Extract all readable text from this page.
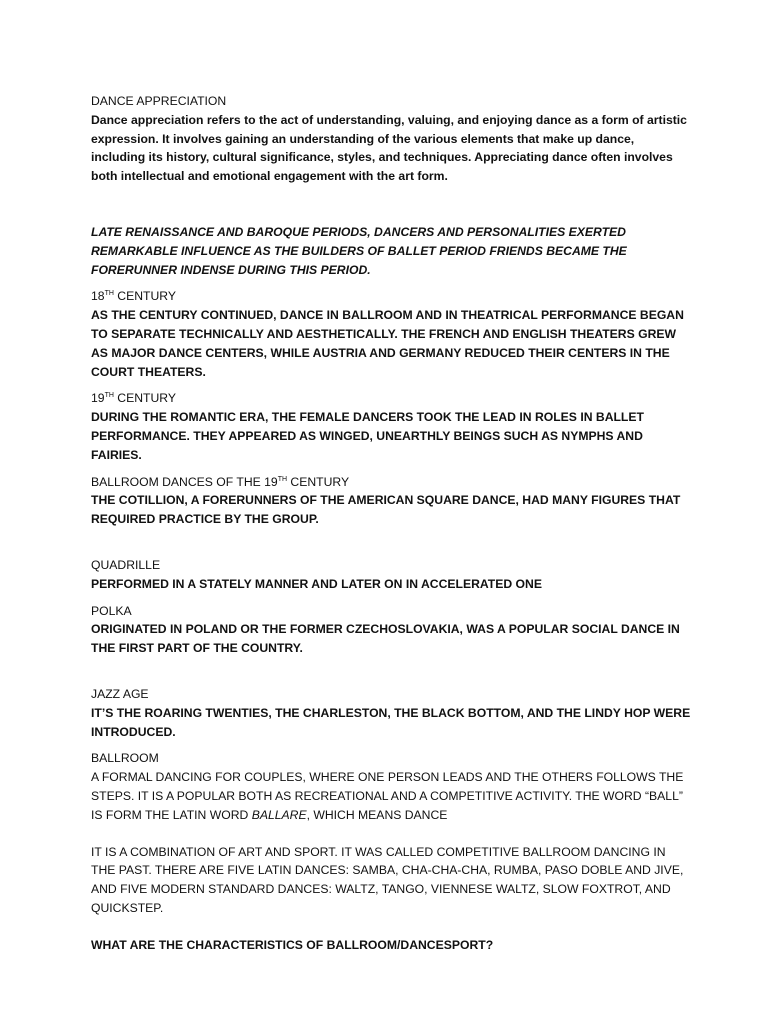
DANCE APPRECIATION

Dance appreciation refers to the act of understanding, valuing, and enjoying dance as a form of artistic expression. It involves gaining an understanding of the various elements that make up dance, including its history, cultural significance, styles, and techniques. Appreciating dance often involves both intellectual and emotional engagement with the art form.

LATE RENAISSANCE AND BAROQUE PERIODS, DANCERS AND PERSONALITIES EXERTED REMARKABLE INFLUENCE AS THE BUILDERS OF BALLET PERIOD FRIENDS BECAME THE FORERUNNER INDENSE DURING THIS PERIOD.

18TH CENTURY

AS THE CENTURY CONTINUED, DANCE IN BALLROOM AND IN THEATRICAL PERFORMANCE BEGAN TO SEPARATE TECHNICALLY AND AESTHETICALLY. THE FRENCH AND ENGLISH THEATERS GREW AS MAJOR DANCE CENTERS, WHILE AUSTRIA AND GERMANY REDUCED THEIR CENTERS IN THE COURT THEATERS.

19TH CENTURY

DURING THE ROMANTIC ERA, THE FEMALE DANCERS TOOK THE LEAD IN ROLES IN BALLET PERFORMANCE. THEY APPEARED AS WINGED, UNEARTHLY BEINGS SUCH AS NYMPHS AND FAIRIES.

BALLROOM DANCES OF THE 19TH CENTURY

THE COTILLION, A FORERUNNERS OF THE AMERICAN SQUARE DANCE, HAD MANY FIGURES THAT REQUIRED PRACTICE BY THE GROUP.

QUADRILLE

PERFORMED IN A STATELY MANNER AND LATER ON IN ACCELERATED ONE

POLKA

ORIGINATED IN POLAND OR THE FORMER CZECHOSLOVAKIA, WAS A POPULAR SOCIAL DANCE IN THE FIRST PART OF THE COUNTRY.

JAZZ AGE

IT’S THE ROARING TWENTIES, THE CHARLESTON, THE BLACK BOTTOM, AND THE LINDY HOP WERE INTRODUCED.

BALLROOM

A FORMAL DANCING FOR COUPLES, WHERE ONE PERSON LEADS AND THE OTHERS FOLLOWS THE STEPS. IT IS A POPULAR BOTH AS RECREATIONAL AND A COMPETITIVE ACTIVITY. THE WORD “BALL” IS FORM THE LATIN WORD BALLARE, WHICH MEANS DANCE

IT IS A COMBINATION OF ART AND SPORT. IT WAS CALLED COMPETITIVE BALLROOM DANCING IN THE PAST. THERE ARE FIVE LATIN DANCES: SAMBA, CHA-CHA-CHA, RUMBA, PASO DOBLE AND JIVE, AND FIVE MODERN STANDARD DANCES: WALTZ, TANGO, VIENNESE WALTZ, SLOW FOXTROT, AND QUICKSTEP.

WHAT ARE THE CHARACTERISTICS OF BALLROOM/DANCESPORT?
